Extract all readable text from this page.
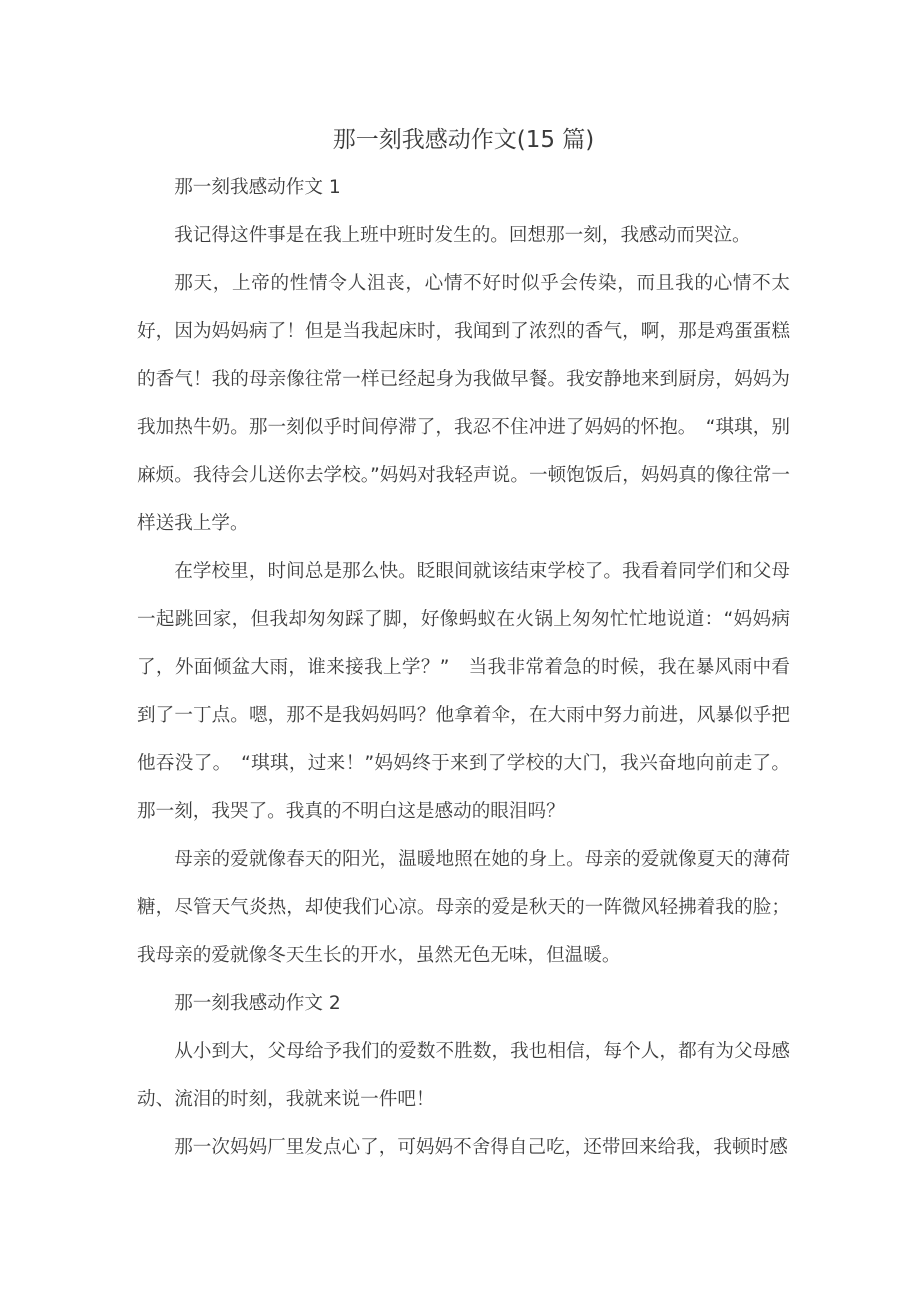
那一刻我感动作文(15 篇)

那一刻我感动作文 1

我记得这件事是在我上班中班时发生的。回想那一刻，我感动而哭泣。

那天，上帝的性情令人沮丧，心情不好时似乎会传染，而且我的心情不太好，因为妈妈病了！但是当我起床时，我闻到了浓烈的香气，啊，那是鸡蛋蛋糕的香气！我的母亲像往常一样已经起身为我做早餐。我安静地来到厨房，妈妈为我加热牛奶。那一刻似乎时间停滞了，我忍不住冲进了妈妈的怀抱。　“琪琪，别麻烦。我待会儿送你去学校。”妈妈对我轻声说。一顿饱饭后，妈妈真的像往常一样送我上学。

在学校里，时间总是那么快。眨眼间就该结束学校了。我看着同学们和父母一起跳回家，但我却匆匆踩了脚，好像蚂蚁在火锅上匆匆忙忙地说道：“妈妈病了，外面倾盆大雨，谁来接我上学？”　当我非常着急的时候，我在暴风雨中看到了一丁点。嗯，那不是我妈妈吗？他拿着伞，在大雨中努力前进，风暴似乎把他吞没了。　“琪琪，过来！”妈妈终于来到了学校的大门，我兴奋地向前走了。那一刻，我哭了。我真的不明白这是感动的眼泪吗？

母亲的爱就像春天的阳光，温暖地照在她的身上。母亲的爱就像夏天的薄荷糖，尽管天气炎热，却使我们心凉。母亲的爱是秋天的一阵微风轻拂着我的脸；我母亲的爱就像冬天生长的开水，虽然无色无味，但温暖。

那一刻我感动作文 2

从小到大，父母给予我们的爱数不胜数，我也相信，每个人，都有为父母感动、流泪的时刻，我就来说一件吧！

那一次妈妈厂里发点心了，可妈妈不舍得自己吃，还带回来给我，我顿时感
